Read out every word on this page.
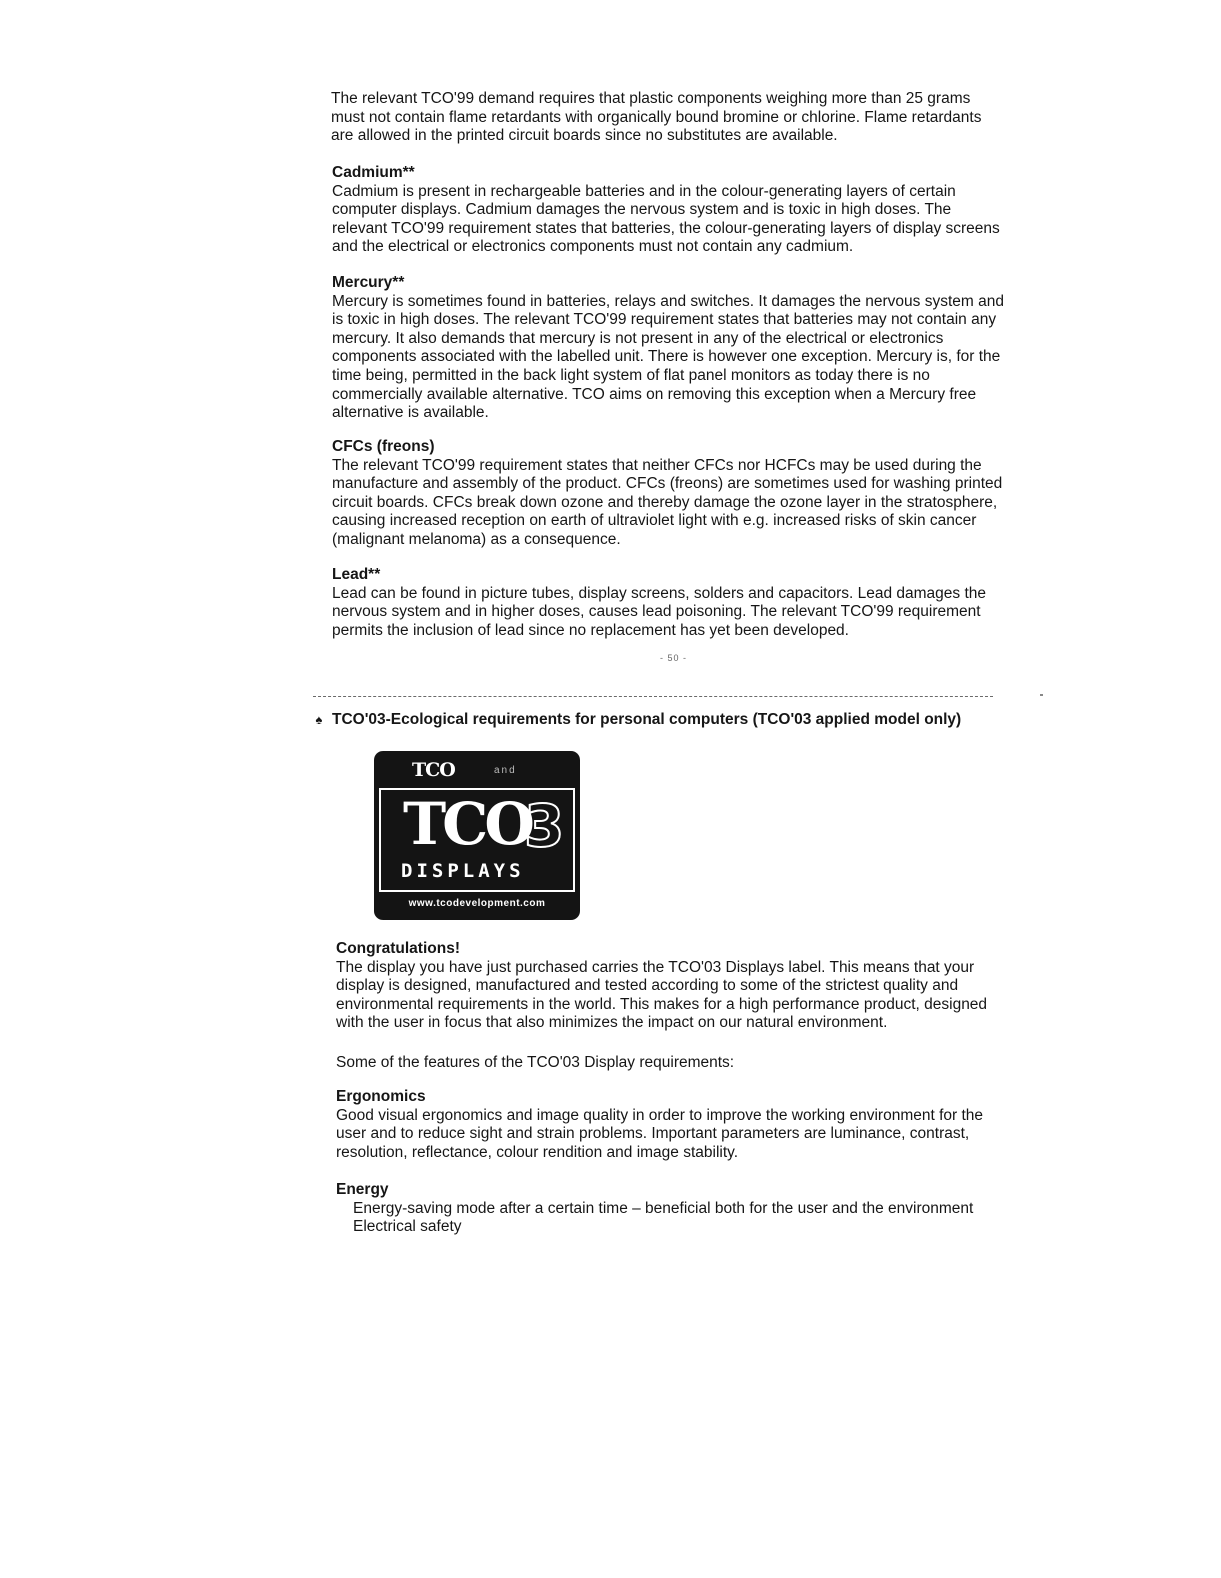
The relevant TCO'99 demand requires that plastic components weighing more than 25 grams

must not contain flame retardants with organically bound bromine or chlorine. Flame retardants

are allowed in the printed circuit boards since no substitutes are available.

Cadmium**

Cadmium is present in rechargeable batteries and in the colour-generating layers of certain

computer displays. Cadmium damages the nervous system and is toxic in high doses. The

relevant TCO'99 requirement states that batteries, the colour-generating layers of display screens

and the electrical or electronics components must not contain any cadmium.

Mercury**

Mercury is sometimes found in batteries, relays and switches. It damages the nervous system and

is toxic in high doses. The relevant TCO'99 requirement states that batteries may not contain any

mercury. It also demands that mercury is not present in any of the electrical or electronics

components associated with the labelled unit. There is however one exception. Mercury is, for the

time being, permitted in the back light system of flat panel monitors as today there is no

commercially available alternative. TCO aims on removing this exception when a Mercury free

alternative is available.

CFCs (freons)

The relevant TCO'99 requirement states that neither CFCs nor HCFCs may be used during the

manufacture and assembly of the product. CFCs (freons) are sometimes used for washing printed

circuit boards. CFCs break down ozone and thereby damage the ozone layer in the stratosphere,

causing increased reception on earth of ultraviolet light with e.g. increased risks of skin cancer

(malignant melanoma) as a consequence.

Lead**

Lead can be found in picture tubes, display screens, solders and capacitors. Lead damages the

nervous system and in higher doses, causes lead poisoning. The relevant TCO'99 requirement

permits the inclusion of lead since no replacement has yet been developed.

- 50 -
♠ TCO'03-Ecological requirements for personal computers (TCO'03 applied model only)
TCO	and
TCO
3
DISPLAYS
www.tcodevelopment.com

Congratulations!

The display you have just purchased carries the TCO'03 Displays label. This means that your

display is designed, manufactured and tested according to some of the strictest quality and

environmental requirements in the world. This makes for a high performance product, designed

with the user in focus that also minimizes the impact on our natural environment.

Some of the features of the TCO'03 Display requirements:

Ergonomics

Good visual ergonomics and image quality in order to improve the working environment for the

user and to reduce sight and strain problems. Important parameters are luminance, contrast,

resolution, reflectance, colour rendition and image stability.

Energy

Energy-saving mode after a certain time – beneficial both for the user and the environment

Electrical safety
